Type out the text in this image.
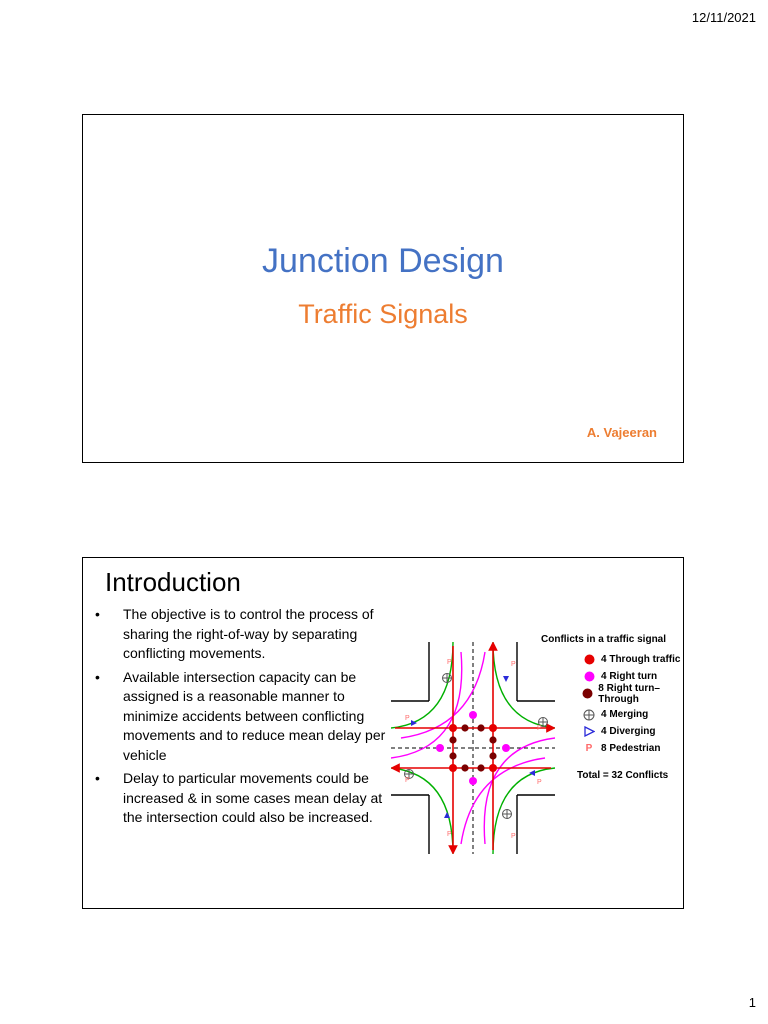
12/11/2021
Junction Design
Traffic Signals
A. Vajeeran
Introduction
• The objective is to control the process of sharing the right-of-way by separating conflicting movements.
• Available intersection capacity can be assigned is a reasonable manner to minimize accidents between conflicting movements and to reduce mean delay per vehicle
• Delay to particular movements could be increased & in some cases mean delay at the intersection could also be increased.
P	P
P	P
P
P
P	P
Conflicts in a traffic signal
4 Through traffic
4 Right turn
8 Right turn–Through
4 Merging
4 Diverging
P 8 Pedestrian
Total = 32 Conflicts
1
